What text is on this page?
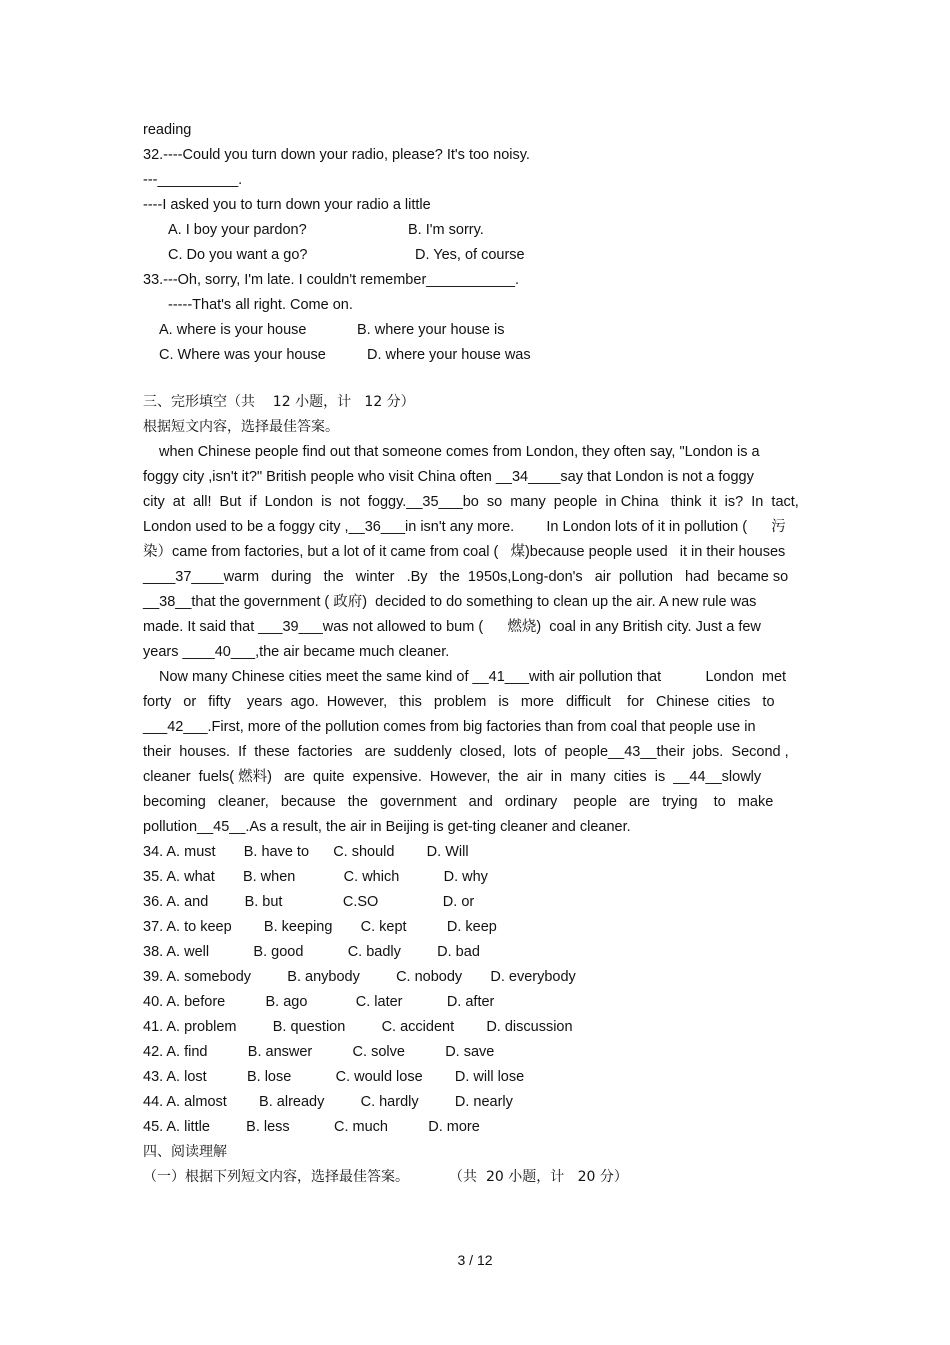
reading
32.----Could you turn down your radio, please? It's too noisy.
---__________.
----I asked you to turn down your radio a little
A. I boy your pardon?	B. I'm sorry.
C. Do you want a go?	D. Yes, of course
33.---Oh, sorry, I'm late. I couldn't remember___________.
-----That's all right. Come on.
A. where is your house	B. where your house is
C. Where was your house	D. where your house was
三、完形填空（共    12 小题，计   12 分）
根据短文内容，选择最佳答案。
when Chinese people find out that someone comes from London, they often say, "London is a
foggy city ,isn't it?" British people who visit China often __34____say that London is not a foggy
city  at  all!  But  if  London  is  not  foggy.__35___bo  so  many  people  in China   think  it  is?  In  tact,
London used to be a foggy city ,__36___in isn't any more.        In London lots of it in pollution (      污
染）came from factories, but a lot of it came from coal (   煤)because people used   it in their houses
____37____warm   during   the   winter   .By   the  1950s,Long-don's   air  pollution   had  became so
__38__that the government ( 政府)  decided to do something to clean up the air. A new rule was
made. It said that ___39___was not allowed to bum (      燃烧)  coal in any British city. Just a few
years ____40___,the air became much cleaner.
Now many Chinese cities meet the same kind of __41___with air pollution that           London  met
forty   or   fifty    years  ago.  However,   this   problem   is   more   difficult    for   Chinese  cities   to
___42___.First, more of the pollution comes from big factories than from coal that people use in
their  houses.  If  these  factories   are  suddenly  closed,  lots  of  people__43__their  jobs.  Second ,
cleaner  fuels( 燃料)   are  quite  expensive.  However,  the  air  in  many  cities  is  __44__slowly
becoming   cleaner,   because   the   government   and   ordinary    people   are   trying    to   make
pollution__45__.As a result, the air in Beijing is get-ting cleaner and cleaner.
34. A. must       B. have to      C. should        D. Will
35. A. what       B. when            C. which           D. why
36. A. and         B. but               C.SO                D. or
37. A. to keep        B. keeping       C. kept          D. keep
38. A. well           B. good           C. badly         D. bad
39. A. somebody         B. anybody         C. nobody       D. everybody
40. A. before          B. ago            C. later           D. after
41. A. problem         B. question         C. accident        D. discussion
42. A. find          B. answer          C. solve          D. save
43. A. lost          B. lose           C. would lose        D. will lose
44. A. almost        B. already         C. hardly         D. nearly
45. A. little         B. less           C. much          D. more
四、阅读理解
（一）根据下列短文内容，选择最佳答案。         （共  20 小题，计   20 分）
3 / 12
